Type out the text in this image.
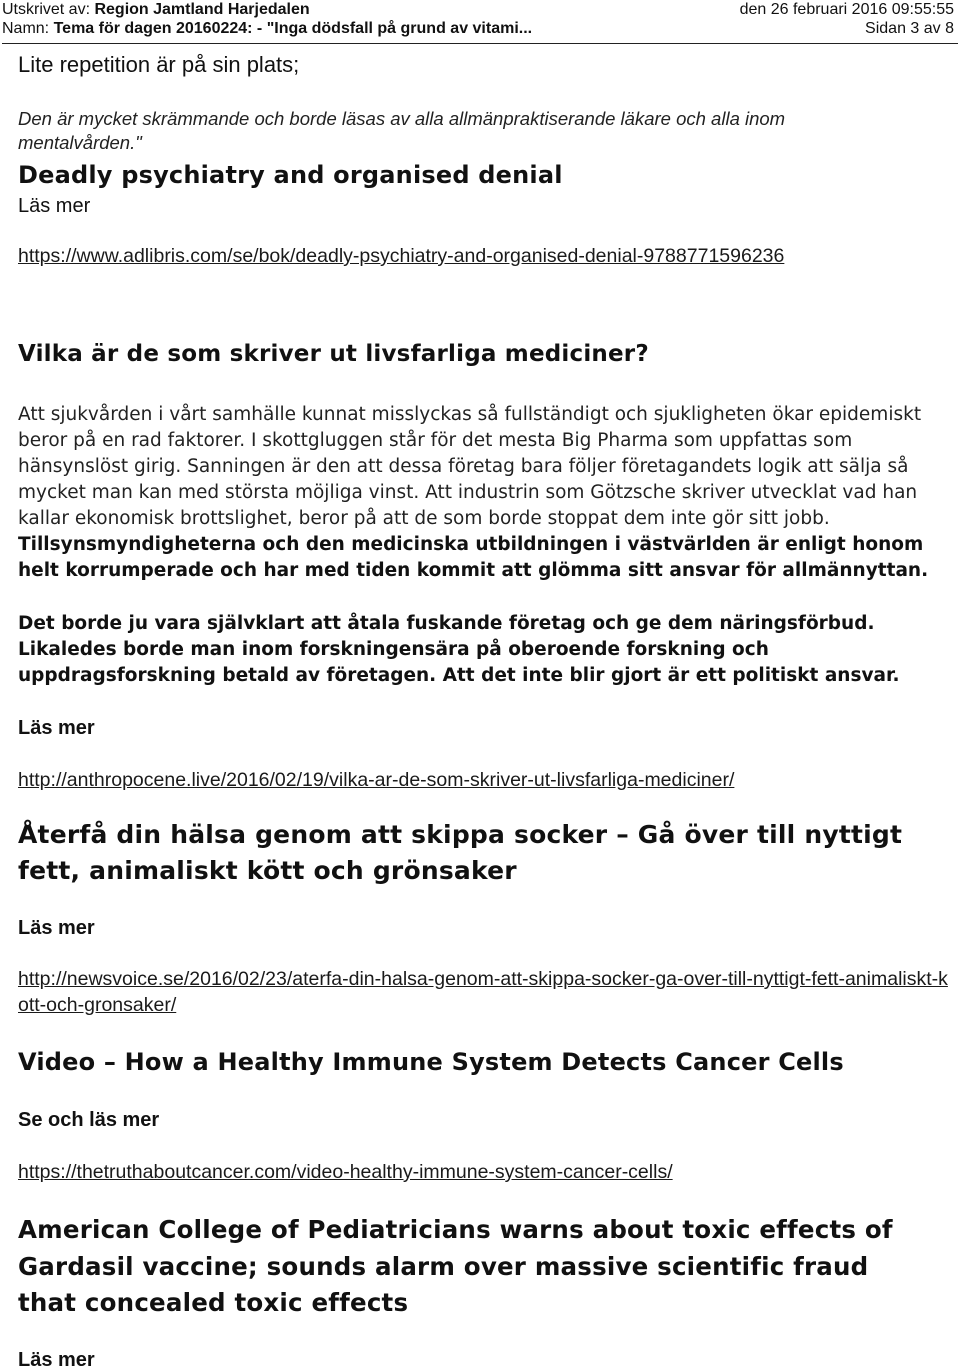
Utskrivet av: Region Jamtland Harjedalen	den 26 februari 2016 09:55:55
Namn: Tema för dagen 20160224: - "Inga dödsfall på grund av vitami...	Sidan 3 av 8
Lite repetition är på sin plats;
Den är mycket skrämmande och borde läsas av alla allmänpraktiserande läkare och alla inom mentalvården."
Deadly psychiatry and organised denial
Läs mer
https://www.adlibris.com/se/bok/deadly-psychiatry-and-organised-denial-9788771596236
Vilka är de som skriver ut livsfarliga mediciner?
Att sjukvården i vårt samhälle kunnat misslyckas så fullständigt och sjukligheten ökar epidemiskt beror på en rad faktorer. I skottgluggen står för det mesta Big Pharma som uppfattas som hänsynslöst girig. Sanningen är den att dessa företag bara följer företagandets logik att sälja så mycket man kan med största möjliga vinst. Att industrin som Götzsche skriver utvecklat vad han kallar ekonomisk brottslighet, beror på att de som borde stoppat dem inte gör sitt jobb. Tillsynsmyndigheterna och den medicinska utbildningen i västvärlden är enligt honom helt korrumperade och har med tiden kommit att glömma sitt ansvar för allmännyttan.
Det borde ju vara självklart att åtala fuskande företag och ge dem näringsförbud. Likaledes borde man inom forskningensära på oberoende forskning och uppdragsforskning betald av företagen. Att det inte blir gjort är ett politiskt ansvar.
Läs mer
http://anthropocene.live/2016/02/19/vilka-ar-de-som-skriver-ut-livsfarliga-mediciner/
Återfå din hälsa genom att skippa socker – Gå över till nyttigt fett, animaliskt kött och grönsaker
Läs mer
http://newsvoice.se/2016/02/23/aterfa-din-halsa-genom-att-skippa-socker-ga-over-till-nyttigt-fett-animaliskt-kott-och-gronsaker/
Video – How a Healthy Immune System Detects Cancer Cells
Se och läs mer
https://thetruthaboutcancer.com/video-healthy-immune-system-cancer-cells/
American College of Pediatricians warns about toxic effects of Gardasil vaccine; sounds alarm over massive scientific fraud that concealed toxic effects
Läs mer
